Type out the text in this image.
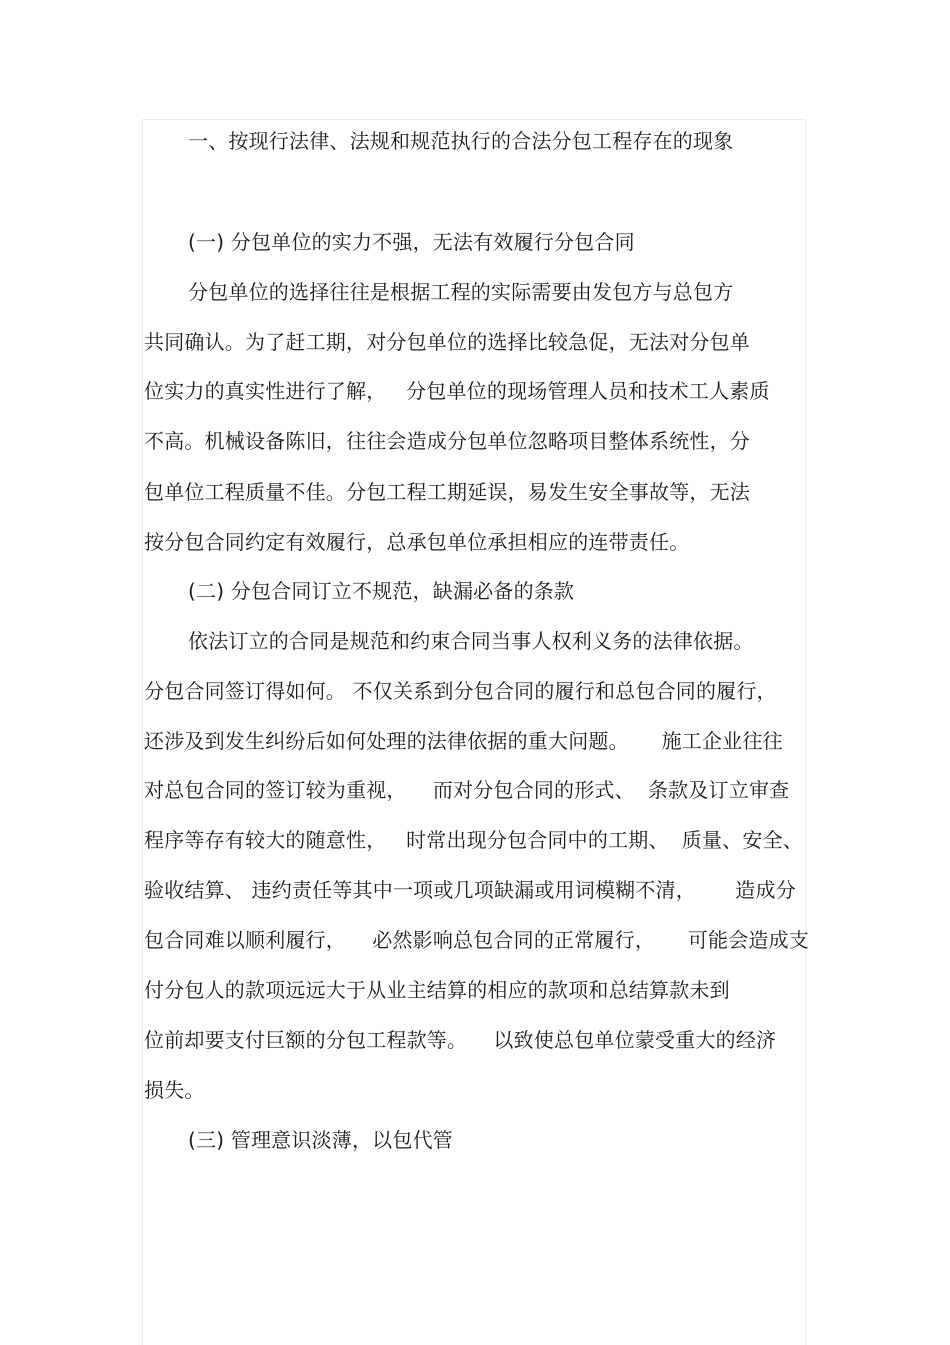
一、按现行法律、法规和规范执行的合法分包工程存在的现象
(一) 分包单位的实力不强，无法有效履行分包合同
分包单位的选择往往是根据工程的实际需要由发包方与总包方
共同确认。为了赶工期，对分包单位的选择比较急促，无法对分包单
位实力的真实性进行了解，   分包单位的现场管理人员和技术工人素质
不高。机械设备陈旧，往往会造成分包单位忽略项目整体系统性，分
包单位工程质量不佳。分包工程工期延误，易发生安全事故等，无法
按分包合同约定有效履行，总承包单位承担相应的连带责任。
(二) 分包合同订立不规范，缺漏必备的条款
依法订立的合同是规范和约束合同当事人权利义务的法律依据。
分包合同签订得如何。 不仅关系到分包合同的履行和总包合同的履行，
还涉及到发生纠纷后如何处理的法律依据的重大问题。     施工企业往往
对总包合同的签订较为重视，    而对分包合同的形式、  条款及订立审查
程序等存有较大的随意性，   时常出现分包合同中的工期、  质量、安全、
验收结算、 违约责任等其中一项或几项缺漏或用词模糊不清，      造成分
包合同难以顺利履行，    必然影响总包合同的正常履行，     可能会造成支
付分包人的款项远远大于从业主结算的相应的款项和总结算款未到
位前却要支付巨额的分包工程款等。    以致使总包单位蒙受重大的经济
损失。
(三) 管理意识淡薄，以包代管
